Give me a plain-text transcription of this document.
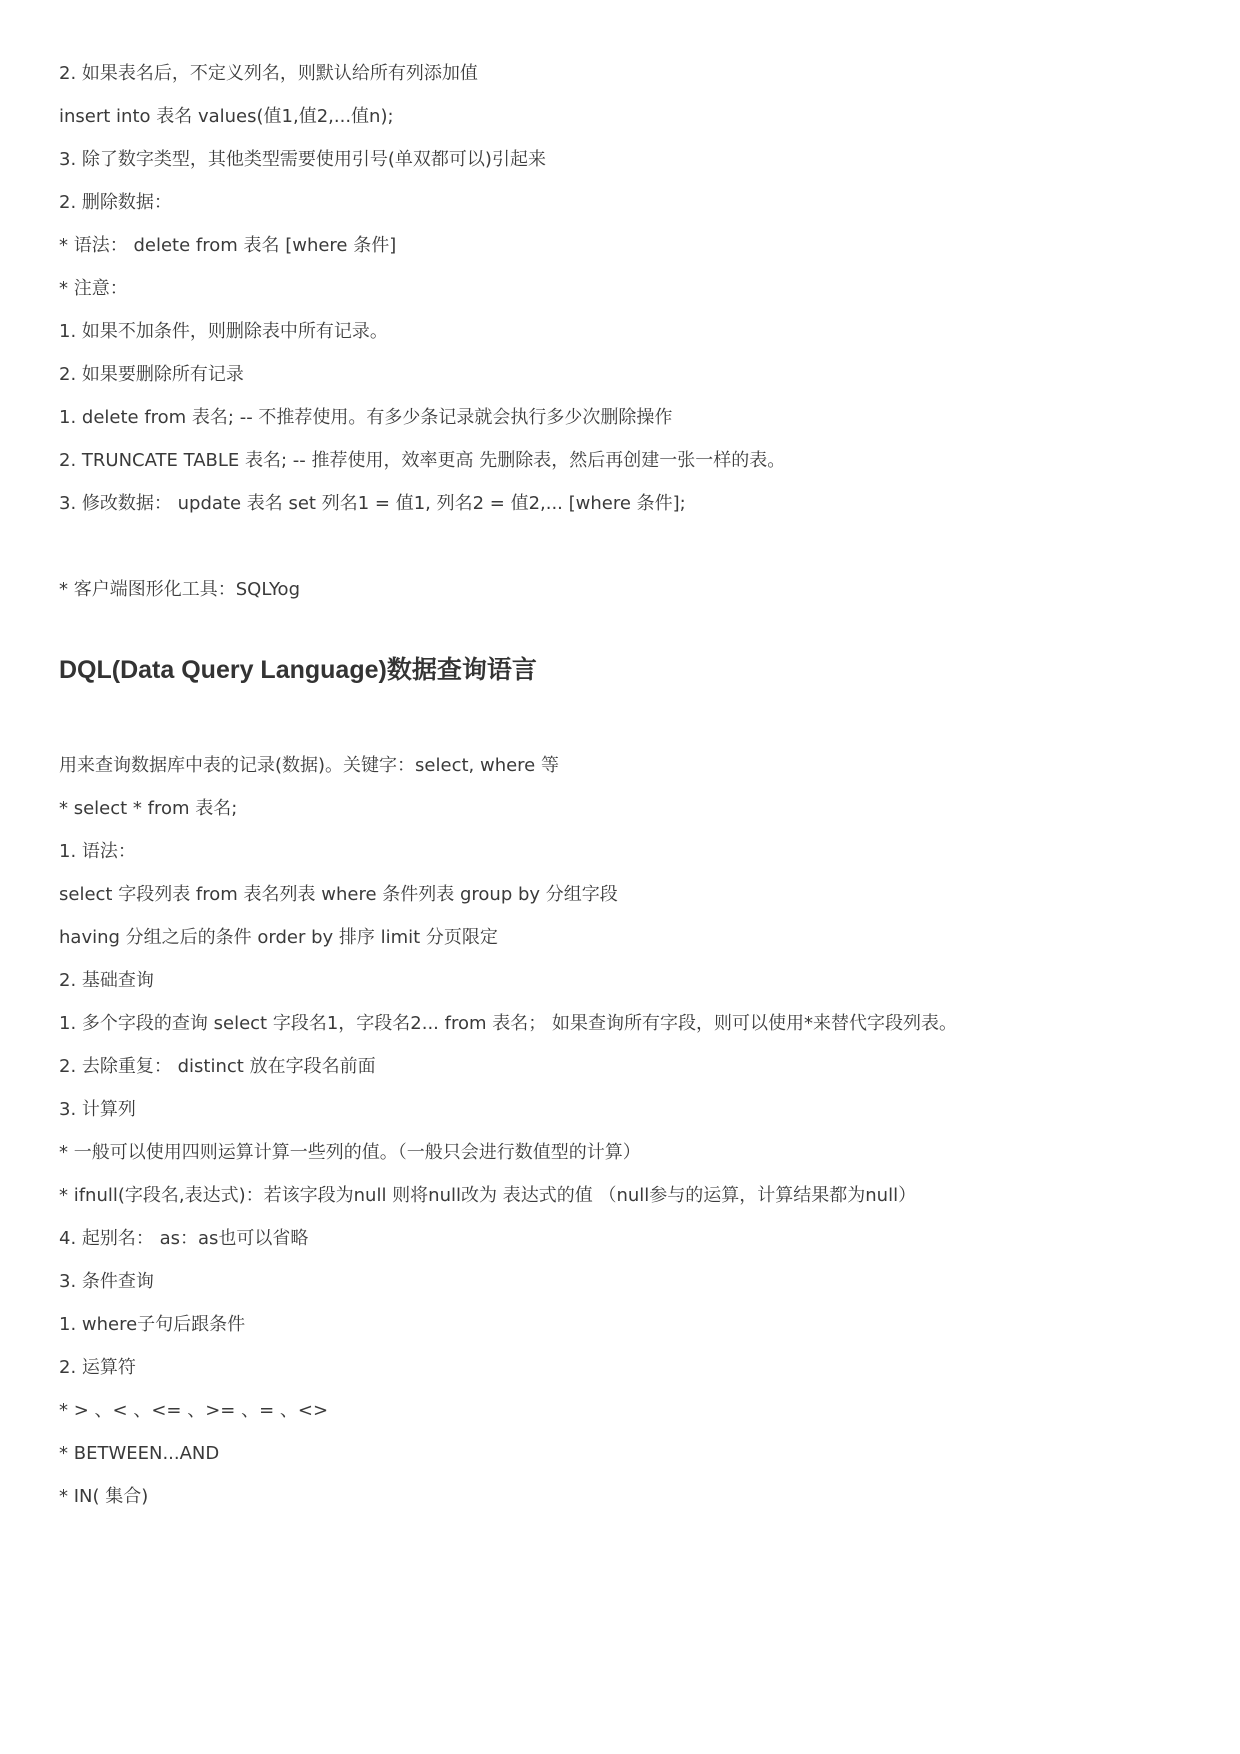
2. 如果表名后，不定义列名，则默认给所有列添加值
insert into 表名 values(值1,值2,...值n);
3. 除了数字类型，其他类型需要使用引号(单双都可以)引起来
2. 删除数据：
* 语法： delete from 表名 [where 条件]
* 注意：
1. 如果不加条件，则删除表中所有记录。
2. 如果要删除所有记录
1. delete from 表名; -- 不推荐使用。有多少条记录就会执行多少次删除操作
2. TRUNCATE TABLE 表名; -- 推荐使用，效率更高 先删除表，然后再创建一张一样的表。
3. 修改数据： update 表名 set 列名1 = 值1, 列名2 = 值2,... [where 条件];
* 客户端图形化工具：SQLYog
DQL(Data Query Language)数据查询语言
用来查询数据库中表的记录(数据)。关键字：select, where 等
* select * from 表名;
1. 语法：
select 字段列表 from 表名列表 where 条件列表 group by 分组字段
having 分组之后的条件 order by 排序 limit 分页限定
2. 基础查询
1. 多个字段的查询 select 字段名1，字段名2... from 表名； 如果查询所有字段，则可以使用*来替代字段列表。
2. 去除重复： distinct 放在字段名前面
3. 计算列
* 一般可以使用四则运算计算一些列的值。（一般只会进行数值型的计算）
* ifnull(字段名,表达式)：若该字段为null 则将null改为 表达式的值 （null参与的运算，计算结果都为null）
4. 起别名： as：as也可以省略
3. 条件查询
1. where子句后跟条件
2. 运算符
* > 、< 、<= 、>= 、= 、<>
* BETWEEN...AND
* IN( 集合)
